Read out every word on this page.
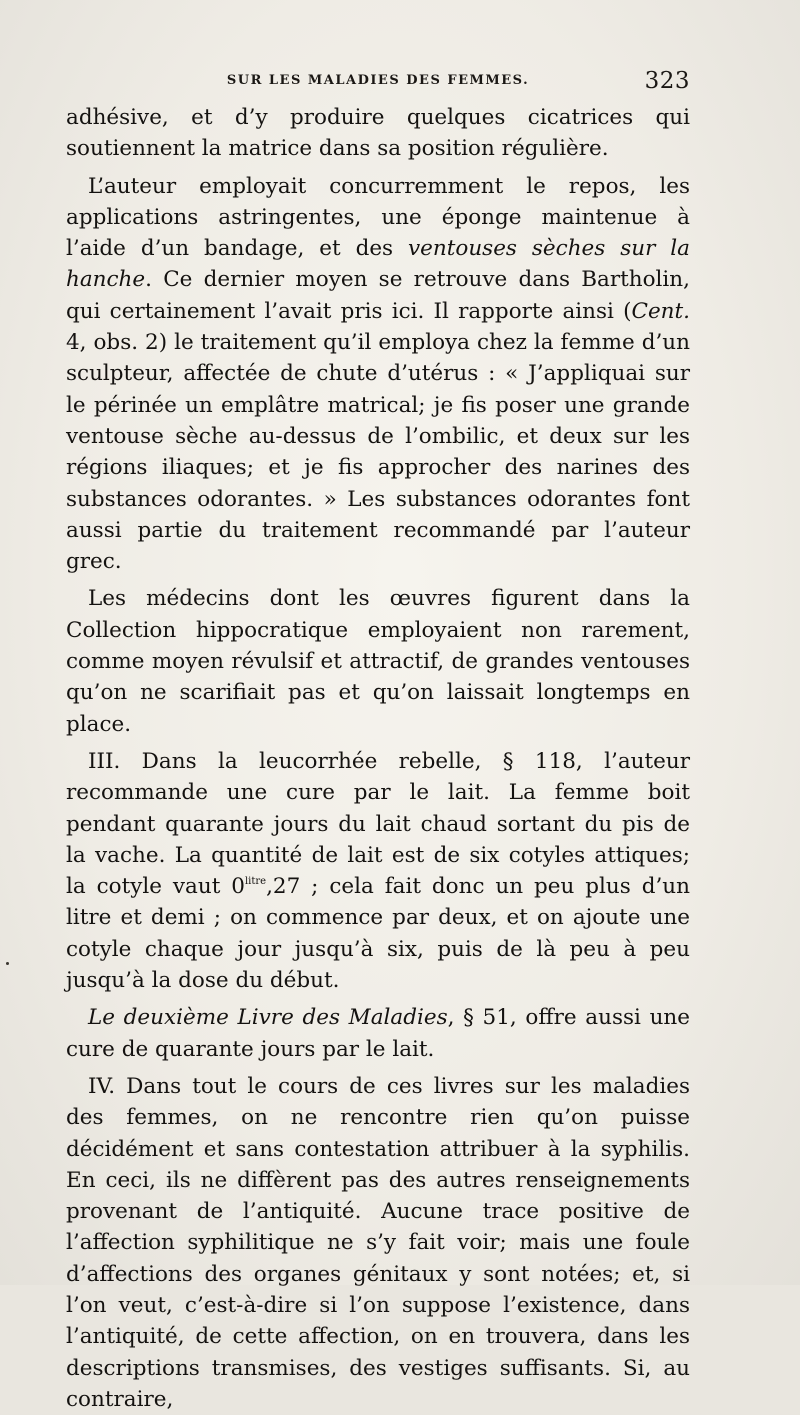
SUR LES MALADIES DES FEMMES.	323

adhésive, et d’y produire quelques cicatrices qui soutiennent la matrice dans sa position régulière.

L’auteur employait concurremment le repos, les applications astringentes, une éponge maintenue à l’aide d’un bandage, et des ventouses sèches sur la hanche. Ce dernier moyen se retrouve dans Bartholin, qui certainement l’avait pris ici. Il rapporte ainsi (Cent. 4, obs. 2) le traitement qu’il employa chez la femme d’un sculpteur, affectée de chute d’utérus : « J’appliquai sur le périnée un emplâtre matrical; je fis poser une grande ventouse sèche au-dessus de l’ombilic, et deux sur les régions iliaques; et je fis approcher des narines des substances odorantes. » Les substances odorantes font aussi partie du traitement recommandé par l’auteur grec.

Les médecins dont les œuvres figurent dans la Collection hippocratique employaient non rarement, comme moyen révulsif et attractif, de grandes ventouses qu’on ne scarifiait pas et qu’on laissait longtemps en place.

III. Dans la leucorrhée rebelle, § 118, l’auteur recommande une cure par le lait. La femme boit pendant quarante jours du lait chaud sortant du pis de la vache. La quantité de lait est de six cotyles attiques; la cotyle vaut $0^{litre},27$ ; cela fait donc un peu plus d’un litre et demi ; on commence par deux, et on ajoute une cotyle chaque jour jusqu’à six, puis de là peu à peu jusqu’à la dose du début.

Le deuxième Livre des Maladies, § 51, offre aussi une cure de quarante jours par le lait.

IV. Dans tout le cours de ces livres sur les maladies des femmes, on ne rencontre rien qu’on puisse décidément et sans contestation attribuer à la syphilis. En ceci, ils ne diffèrent pas des autres renseignements provenant de l’antiquité. Aucune trace positive de l’affection syphilitique ne s’y fait voir; mais une foule d’affections des organes génitaux y sont notées; et, si l’on veut, c’est-à-dire si l’on suppose l’existence, dans l’antiquité, de cette affection, on en trouvera, dans les descriptions transmises, des vestiges suffisants. Si, au contraire,
